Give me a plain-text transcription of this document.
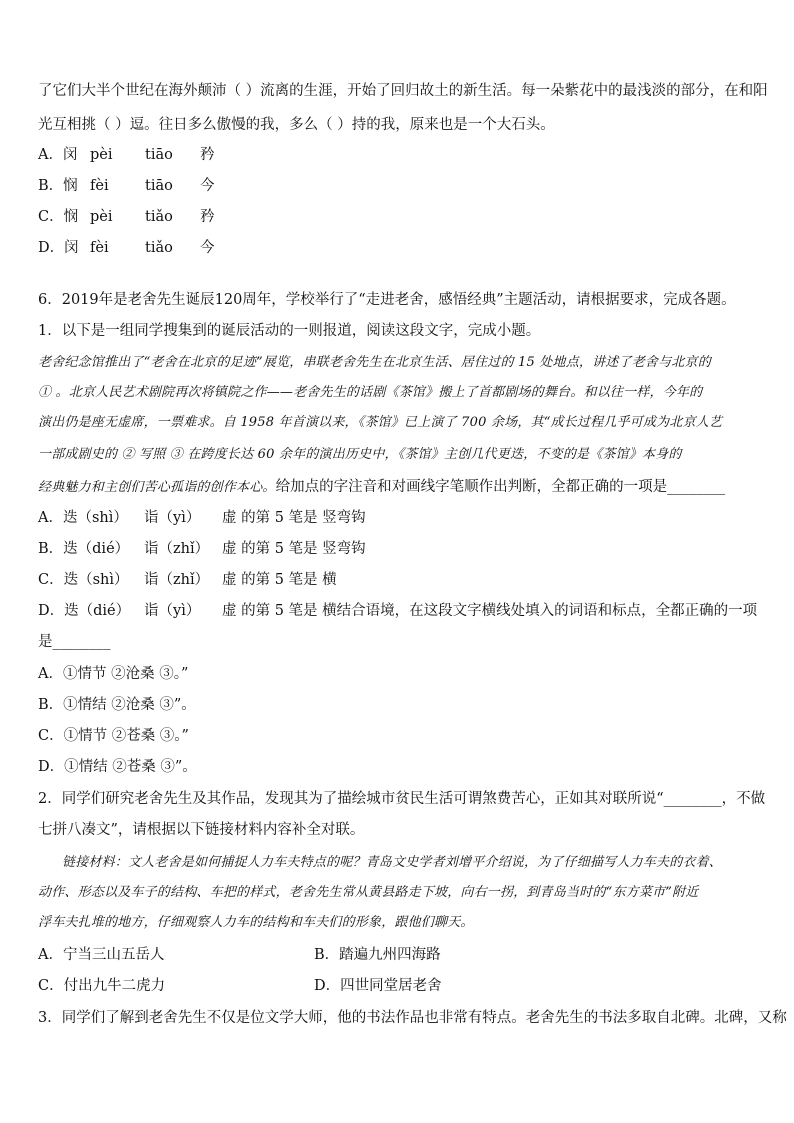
了它们大半个世纪在海外颠沛（ ）流离的生涯，开始了回归故土的新生活。每一朵紫花中的最浅淡的部分，在和阳
光互相挑（ ）逗。往日多么傲慢的我，多么（ ）持的我，原来也是一个大石头。
A．闵 pèi tiāo 矜
B．悯 fèi	tiāo 今
C．悯 pèi tiǎo 矜
D．闵 fèi	tiǎo 今
6．2019年是老舍先生诞辰120周年，学校举行了“走进老舍，感悟经典”主题活动，请根据要求，完成各题。
1．以下是一组同学搜集到的诞辰活动的一则报道，阅读这段文字，完成小题。
老舍纪念馆推出了“老舍在北京的足迹”展览，串联老舍先生在北京生活、居住过的 15 处地点，讲述了老舍与北京的
① 。北京人民艺术剧院再次将镇院之作——老舍先生的话剧《茶馆》搬上了首都剧场的舞台。和以往一样，今年的
演出仍是座无虚席，一票难求。自 1958 年首演以来，《茶馆》已上演了 700 余场，其“成长过程几乎可成为北京人艺
一部成剧史的 ② 写照 ③ 在跨度长达 60 余年的演出历史中，《茶馆》主创几代更迭，不变的是《茶馆》本身的
经典魅力和主创们苦心孤诣的创作本心。给加点的字注音和对画线字笔顺作出判断，全都正确的一项是________
A．迭（shì） 诣（yì） 虚 的第 5 笔是 竖弯钩
B．迭（dié） 诣（zhǐ） 虚 的第 5 笔是 竖弯钩
C．迭（shì） 诣（zhǐ） 虚 的第 5 笔是 横
D．迭（dié） 诣（yì） 虚 的第 5 笔是 横结合语境，在这段文字横线处填入的词语和标点，全都正确的一项
是________
A．①情节 ②沧桑 ③。”
B．①情结 ②沧桑 ③”。
C．①情节 ②苍桑 ③。”
D．①情结 ②苍桑 ③”。
2．同学们研究老舍先生及其作品，发现其为了描绘城市贫民生活可谓煞费苦心，正如其对联所说“________，不做
七拼八凑文”，请根据以下链接材料内容补全对联。
链接材料：文人老舍是如何捕捉人力车夫特点的呢？青岛文史学者刘增平介绍说，为了仔细描写人力车夫的衣着、
动作、形态以及车子的结构、车把的样式，老舍先生常从黄县路走下坡，向右一拐，到青岛当时的“东方菜市”附近
浮车夫扎堆的地方，仔细观察人力车的结构和车夫们的形象，跟他们聊天。
A．宁当三山五岳人	B．踏遍九州四海路
C．付出九牛二虎力	D．四世同堂居老舍
3．同学们了解到老舍先生不仅是位文学大师，他的书法作品也非常有特点。老舍先生的书法多取自北碑。北碑，又称
